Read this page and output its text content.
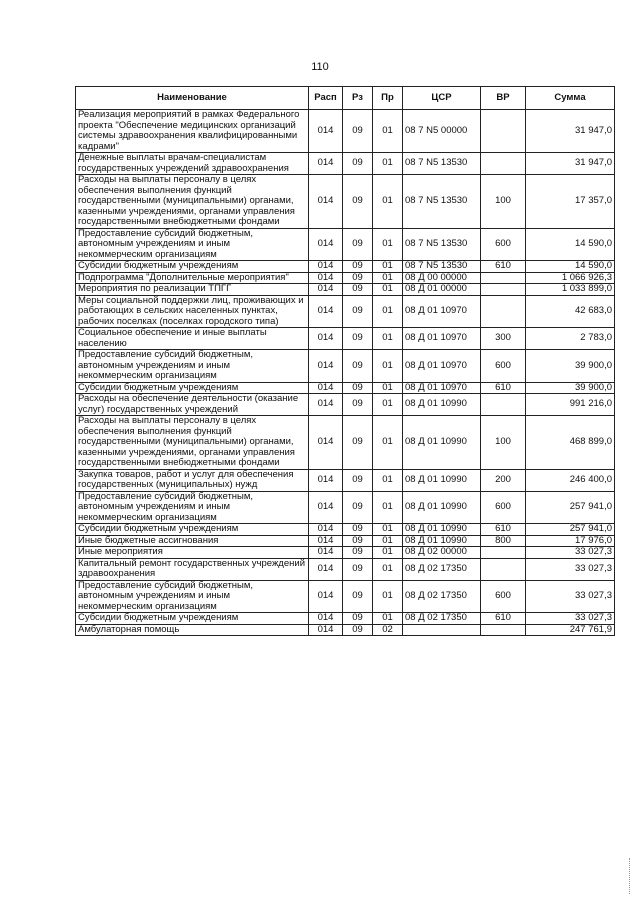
110
Наименование	Расп	Рз	Пр	ЦСР	ВР	Сумма
Реализация мероприятий в рамках Федерального проекта "Обеспечение медицинских организаций системы здравоохранения квалифицированными кадрами"	014	09	01	08 7 N5 00000		31 947,0
Денежные выплаты врачам-специалистам государственных учреждений здравоохранения	014	09	01	08 7 N5 13530		31 947,0
Расходы на выплаты персоналу в целях обеспечения выполнения функций государственными (муниципальными) органами, казенными учреждениями, органами управления государственными внебюджетными фондами	014	09	01	08 7 N5 13530	100	17 357,0
Предоставление субсидий бюджетным, автономным учреждениям и иным некоммерческим организациям	014	09	01	08 7 N5 13530	600	14 590,0
Субсидии бюджетным учреждениям	014	09	01	08 7 N5 13530	610	14 590,0
Подпрограмма "Дополнительные мероприятия"	014	09	01	08 Д 00 00000		1 066 926,3
Мероприятия по реализации ТПГГ	014	09	01	08 Д 01 00000		1 033 899,0
Меры социальной поддержки лиц, проживающих и работающих в сельских населенных пунктах, рабочих поселках (поселках городского типа)	014	09	01	08 Д 01 10970		42 683,0
Социальное обеспечение и иные выплаты населению	014	09	01	08 Д 01 10970	300	2 783,0
Предоставление субсидий бюджетным, автономным учреждениям и иным некоммерческим организациям	014	09	01	08 Д 01 10970	600	39 900,0
Субсидии бюджетным учреждениям	014	09	01	08 Д 01 10970	610	39 900,0
Расходы на обеспечение деятельности (оказание услуг) государственных учреждений	014	09	01	08 Д 01 10990		991 216,0
Расходы на выплаты персоналу в целях обеспечения выполнения функций государственными (муниципальными) органами, казенными учреждениями, органами управления государственными внебюджетными фондами	014	09	01	08 Д 01 10990	100	468 899,0
Закупка товаров, работ и услуг для обеспечения государственных (муниципальных) нужд	014	09	01	08 Д 01 10990	200	246 400,0
Предоставление субсидий бюджетным, автономным учреждениям и иным некоммерческим организациям	014	09	01	08 Д 01 10990	600	257 941,0
Субсидии бюджетным учреждениям	014	09	01	08 Д 01 10990	610	257 941,0
Иные бюджетные ассигнования	014	09	01	08 Д 01 10990	800	17 976,0
Иные мероприятия	014	09	01	08 Д 02 00000		33 027,3
Капитальный ремонт государственных учреждений здравоохранения	014	09	01	08 Д 02 17350		33 027,3
Предоставление субсидий бюджетным, автономным учреждениям и иным некоммерческим организациям	014	09	01	08 Д 02 17350	600	33 027,3
Субсидии бюджетным учреждениям	014	09	01	08 Д 02 17350	610	33 027,3
Амбулаторная помощь	014	09	02			247 761,9
